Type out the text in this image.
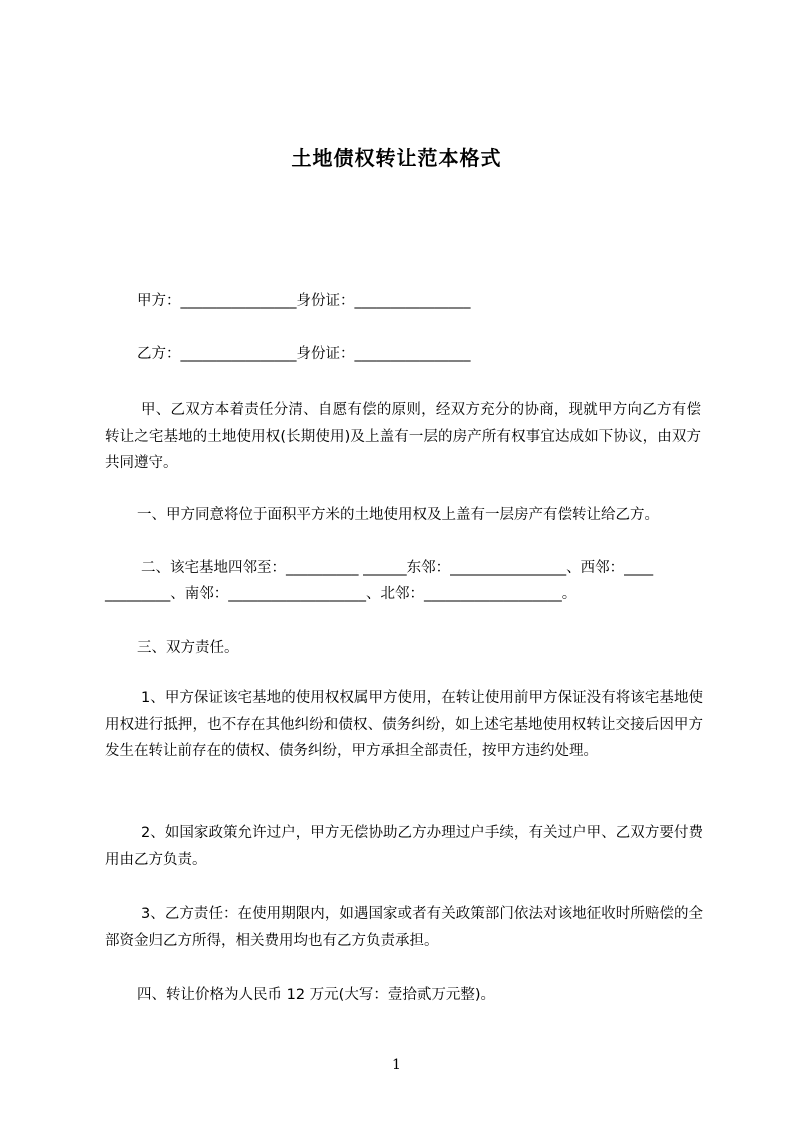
土地债权转让范本格式
甲方：________________身份证：________________
乙方：________________身份证：________________
甲、乙双方本着责任分清、自愿有偿的原则，经双方充分的协商，现就甲方向乙方有偿转让之宅基地的土地使用权(长期使用)及上盖有一层的房产所有权事宜达成如下协议，由双方共同遵守。
一、甲方同意将位于面积平方米的土地使用权及上盖有一层房产有偿转让给乙方。
二、该宅基地四邻至：__________ ______东邻：________________、西邻：____
_________、南邻：___________________、北邻：___________________。
三、双方责任。
1、甲方保证该宅基地的使用权权属甲方使用，在转让使用前甲方保证没有将该宅基地使用权进行抵押，也不存在其他纠纷和债权、债务纠纷，如上述宅基地使用权转让交接后因甲方发生在转让前存在的债权、债务纠纷，甲方承担全部责任，按甲方违约处理。
2、如国家政策允许过户，甲方无偿协助乙方办理过户手续，有关过户甲、乙双方要付费用由乙方负责。
3、乙方责任：在使用期限内，如遇国家或者有关政策部门依法对该地征收时所赔偿的全部资金归乙方所得，相关费用均也有乙方负责承担。
四、转让价格为人民币 12 万元(大写：壹拾贰万元整)。
1
